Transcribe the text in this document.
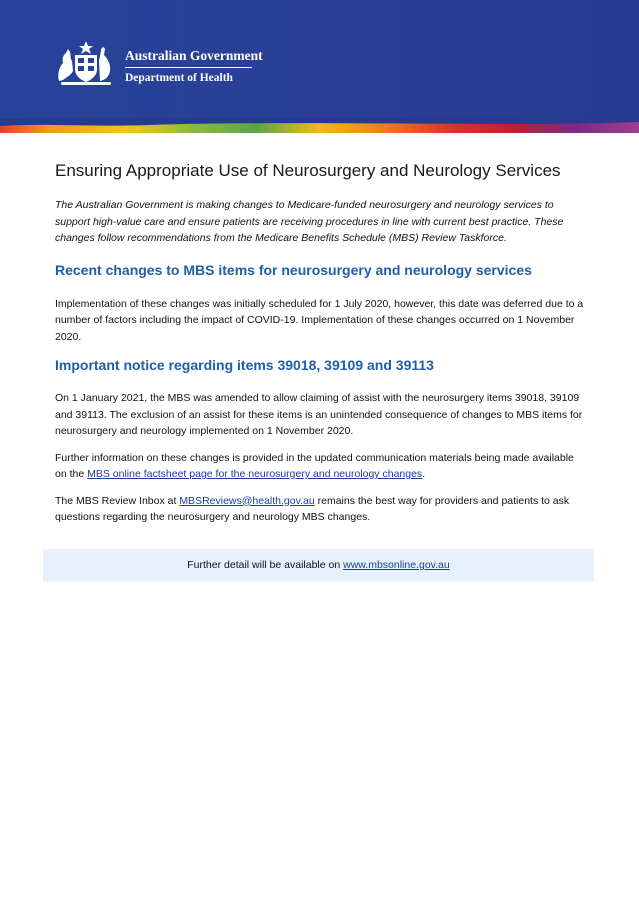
Australian Government
Department of Health
Ensuring Appropriate Use of Neurosurgery and Neurology Services

The Australian Government is making changes to Medicare-funded neurosurgery and neurology services to support high-value care and ensure patients are receiving procedures in line with current best practice. These changes follow recommendations from the Medicare Benefits Schedule (MBS) Review Taskforce.

Recent changes to MBS items for neurosurgery and neurology services

Implementation of these changes was initially scheduled for 1 July 2020, however, this date was deferred due to a number of factors including the impact of COVID-19. Implementation of these changes occurred on 1 November 2020.

Important notice regarding items 39018, 39109 and 39113

On 1 January 2021, the MBS was amended to allow claiming of assist with the neurosurgery items 39018, 39109 and 39113. The exclusion of an assist for these items is an unintended consequence of changes to MBS items for neurosurgery and neurology implemented on 1 November 2020.

Further information on these changes is provided in the updated communication materials being made available on the MBS online factsheet page for the neurosurgery and neurology changes.

The MBS Review Inbox at MBSReviews@health.gov.au remains the best way for providers and patients to ask questions regarding the neurosurgery and neurology MBS changes.

Further detail will be available on www.mbsonline.gov.au
